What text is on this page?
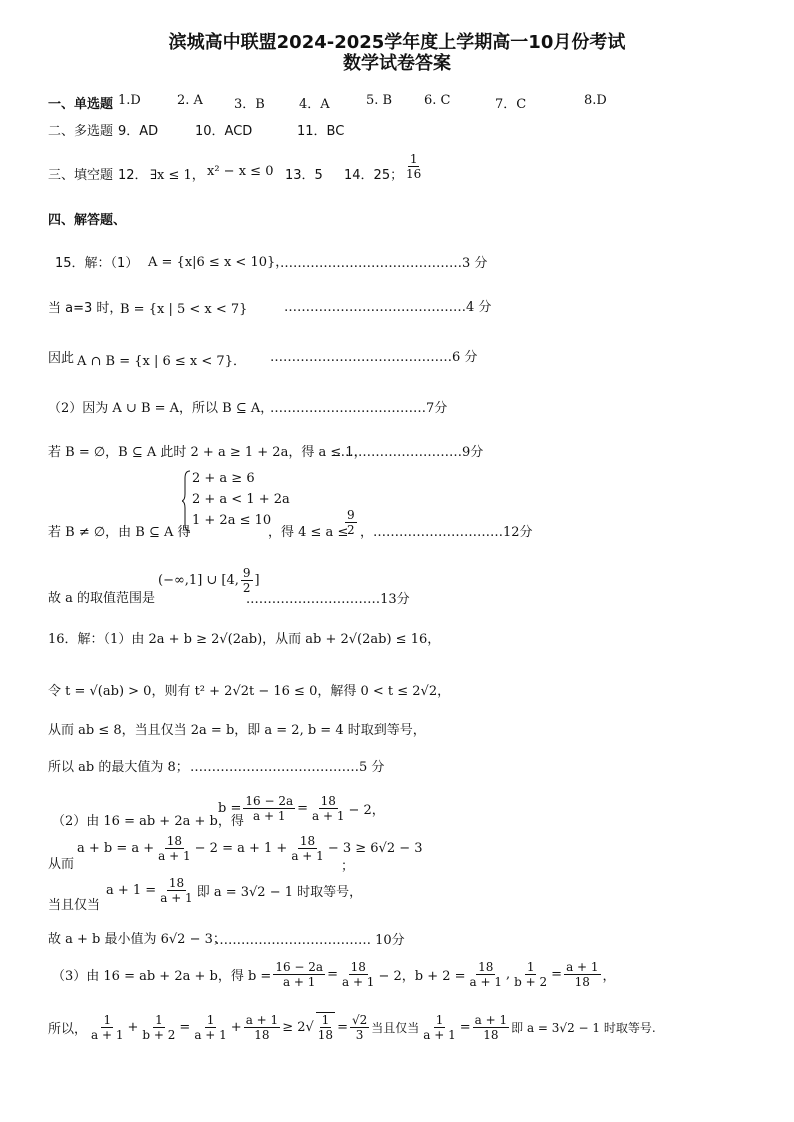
滨城高中联盟2024-2025学年度上学期高一10月份考试
数学试卷答案
一、单选题 1.D	2. A 3．B	4．A	5. B 6. C	7．C	8.D
二、多选题 9．AD	10．ACD	11．BC
三、填空题 12． ∃x ≤ 1， x² − x ≤ 0 13．5 14．25； $\frac{1}{16}$
四、解答题、
15．解：（1） A = {x|6 ≤ x < 10}，
……………………………………3 分
当 a=3 时，
B = {x | 5 < x < 7}	……………………………………4 分
因此 A ∩ B = {x | 6 ≤ x < 7}． ……………………………………6 分
（2）因为 A ∪ B = A，所以 B ⊆ A，
………………………………7分
若 B = ∅，B ⊆ A 此时 2 + a ≥ 1 + 2a，得 a ≤ 1，
…………………………9分
2 + a ≥ 6
2 + a < 1 + 2a
1 + 2a ≤ 10
若 B ≠ ∅，由 B ⊆ A 得	，得 4 ≤ a ≤
$\frac{9}{2}$ ，…………………………12分
故 a 的取值范围是
(−∞,1] ∪ [4, $\frac{9}{2}$ ]
.…………………………13分
16．解：（1）由 2a + b ≥ 2√(2ab)，从而 ab + 2√(2ab) ≤ 16，
令 t = √(ab) > 0，则有 t² + 2√2t − 16 ≤ 0，解得 0 < t ≤ 2√2，
从而 ab ≤ 8，当且仅当 2a = b，即 a = 2, b = 4 时取到等号，
所以 ab 的最大值为 8； …………………………………5 分
（2）由 16 = ab + 2a + b，得
$b = \frac{16 - 2a}{a + 1} = \frac{18}{a + 1} - 2$，
从而
$a + b = a + \frac{18}{a + 1} - 2 = a + 1 + \frac{18}{a + 1} - 3 \ge 6√2 - 3$
；
当且仅当
$a + 1 = \frac{18}{a + 1}$ 即 a = 3√2 − 1 时取等号，
故 a + b 最小值为 6√2 − 3；
……………………………… 10分
（3）由 16 = ab + 2a + b，得 $b = \frac{16 - 2a}{a + 1} = \frac{18}{a + 1} - 2$，$b + 2 = \frac{18}{a + 1}$ , $\frac{1}{b + 2} = \frac{a + 1}{18}$ ，
所以， $\frac{1}{a + 1} + \frac{1}{b + 2} = \frac{1}{a + 1} + \frac{a + 1}{18} \ge 2√ \frac{1}{18} = \frac{√2}{3}$ 当且仅当 $\frac{1}{a + 1} = \frac{a + 1}{18}$ 即 a = 3√2 − 1 时取等号.
